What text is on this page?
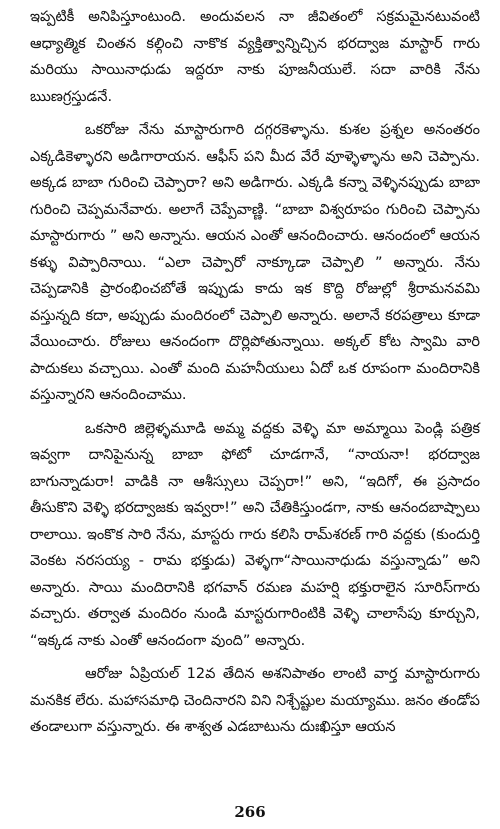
ఇప్పటికీ అనిపిస్తూంటుంది. అందువలన నా జీవితంలో సక్రమమైనటువంటి ఆధ్యాత్మిక చింతన కల్గించి నాకొక వ్యక్తిత్వాన్నిచ్చిన భరద్వాజ మాస్టార్ గారు మరియు సాయినాధుడు ఇద్దరూ నాకు పూజనీయులే. సదా వారికి నేను ఋణగ్రస్తుడనే.

ఒకరోజు నేను మాస్టారుగారి దగ్గరకెళ్ళాను. కుశల ప్రశ్నల అనంతరం ఎక్కడికెళ్ళారని అడిగారాయన. ఆఫీస్ పని మీద వేరే వూళ్ళెళ్ళాను అని చెప్పాను. అక్కడ బాబా గురించి చెప్పారా? అని అడిగారు. ఎక్కడి కన్నా వెళ్ళినప్పుడు బాబా గురించి చెప్పమనేవారు. అలాగే చెప్పేవాణ్ణి. “బాబా విశ్వరూపం గురించి చెప్పాను మాస్టారుగారు ” అని అన్నాను. ఆయన ఎంతో ఆనందించారు. ఆనందంలో ఆయన కళ్ళు విప్పారినాయి. “ఎలా చెప్పారో నాక్కూడా చెప్పాలి ” అన్నారు. నేను చెప్పడానికి ప్రారంభించబోతే ఇప్పుడు కాదు ఇక కొద్ది రోజుల్లో శ్రీరామనవమి వస్తున్నది కదా, అప్పుడు మందిరంలో చెప్పాలి అన్నారు. అలానే కరపత్రాలు కూడా వేయించారు. రోజులు ఆనందంగా దొర్లిపోతున్నాయి. అక్కల్ కోట స్వామి వారి పాదుకలు వచ్చాయి. ఎంతో మంది మహనీయులు ఏదో ఒక రూపంగా మందిరానికి వస్తున్నారని ఆనందించాము.

ఒకసారి జిల్లెళ్ళమూడి అమ్మ వద్దకు వెళ్ళి మా అమ్మాయి పెండ్లి పత్రిక ఇవ్వగా దానిపైనున్న బాబా ఫోటో చూడగానే, “నాయనా! భరద్వాజ బాగున్నాడురా! వాడికి నా ఆశీస్సులు చెప్పరా!” అని, “ఇదిగో, ఈ ప్రసాదం తీసుకొని వెళ్ళి భరద్వాజకు ఇవ్వరా!” అని చేతికిస్తుండగా, నాకు ఆనందబాష్పాలు రాలాయి. ఇంకొక సారి నేను, మాస్టరు గారు కలిసి రామ్‌శరణ్ గారి వద్దకు (కుందుర్తి వెంకట నరసయ్య - రామ భక్తుడు) వెళ్ళగా“సాయినాధుడు వస్తున్నాడు” అని అన్నారు. సాయి మందిరానికి భగవాన్ రమణ మహర్షి భక్తురాలైన సూరిస్‌గారు వచ్చారు. తర్వాత మందిరం నుండి మాస్టరుగారింటికి వెళ్ళి చాలాసేపు కూర్చుని, “ఇక్కడ నాకు ఎంతో ఆనందంగా వుంది” అన్నారు.

ఆరోజు ఏప్రియల్ 12వ తేదిన అశనిపాతం లాంటి వార్త మాస్టారుగారు మనకిక లేరు. మహాసమాధి చెందినారని విని నిశ్చేష్టుల మయ్యాము. జనం తండోప తండాలుగా వస్తున్నారు. ఈ శాశ్వత ఎడబాటును దుఃఖిస్తూ ఆయన

266
